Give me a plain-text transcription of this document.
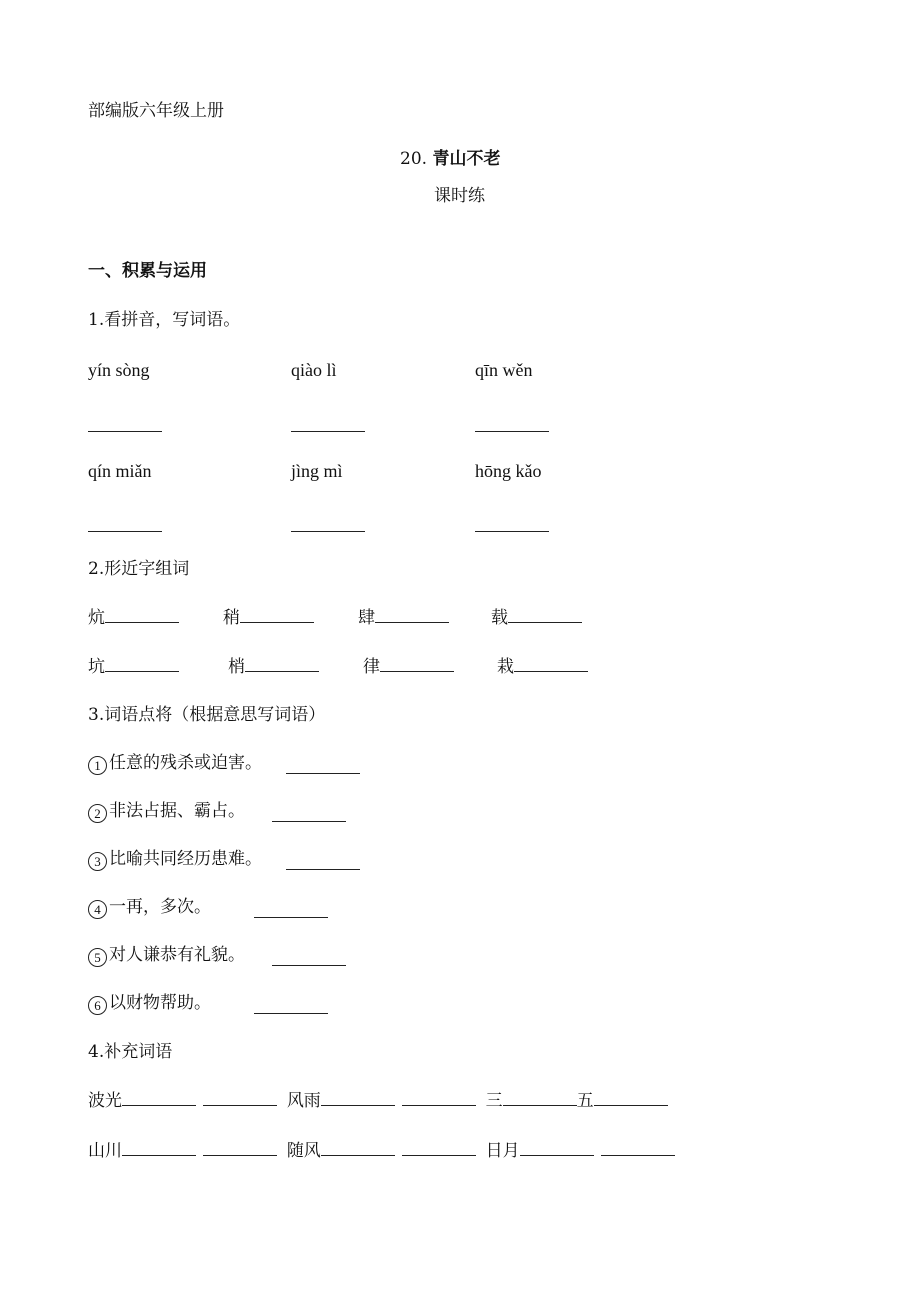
部编版六年级上册
20. 青山不老
课时练
一、积累与运用
1.看拼音，写词语。
yín sòng	qiào lì	qīn wěn
qín miǎn	jìng mì	hōng kǎo
2.形近字组词
炕	稍	肆	载
坑	梢	律	栽
3.词语点将（根据意思写词语）
1 任意的残杀或迫害。
2 非法占据、霸占。
3 比喻共同经历患难。
4 一再，多次。
5 对人谦恭有礼貌。
6 以财物帮助。
4.补充词语
波光	风雨	三	五
山川	随风	日月
